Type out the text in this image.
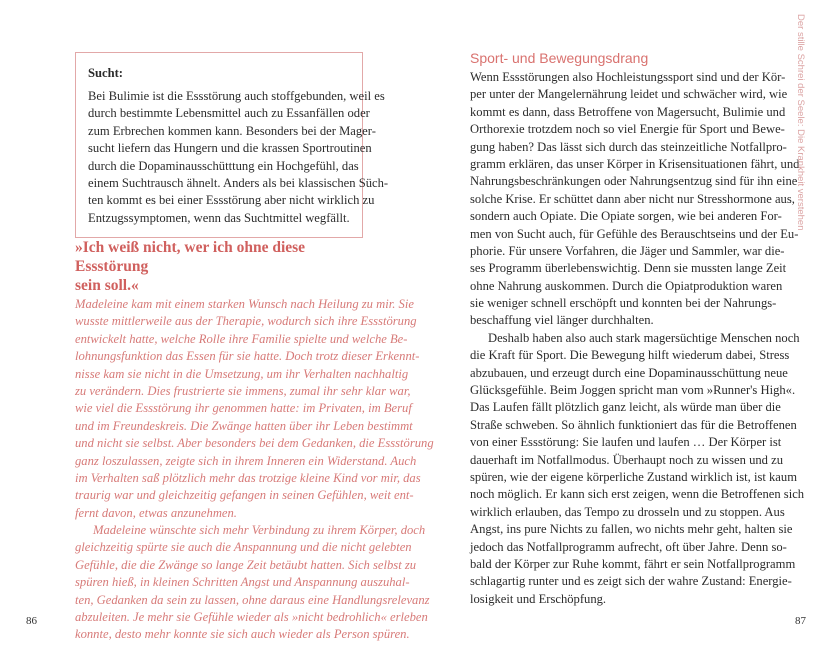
Sucht:
Bei Bulimie ist die Essstörung auch stoffgebunden, weil es
durch bestimmte Lebensmittel auch zu Essanfällen oder
zum Erbrechen kommen kann. Besonders bei der Mager-
sucht liefern das Hungern und die krassen Sportroutinen
durch die Dopaminausschütttung ein Hochgefühl, das
einem Suchtrausch ähnelt. Anders als bei klassischen Süch-
ten kommt es bei einer Essstörung aber nicht wirklich zu
Entzugssymptomen, wenn das Suchtmittel wegfällt.
»Ich weiß nicht, wer ich ohne diese Essstörung
sein soll.«
Madeleine kam mit einem starken Wunsch nach Heilung zu mir. Sie
wusste mittlerweile aus der Therapie, wodurch sich ihre Essstörung
entwickelt hatte, welche Rolle ihre Familie spielte und welche Be-
lohnungsfunktion das Essen für sie hatte. Doch trotz dieser Erkennt-
nisse kam sie nicht in die Umsetzung, um ihr Verhalten nachhaltig
zu verändern. Dies frustrierte sie immens, zumal ihr sehr klar war,
wie viel die Essstörung ihr genommen hatte: im Privaten, im Beruf
und im Freundeskreis. Die Zwänge hatten über ihr Leben bestimmt
und nicht sie selbst. Aber besonders bei dem Gedanken, die Essstörung
ganz loszulassen, zeigte sich in ihrem Inneren ein Widerstand. Auch
im Verhalten saß plötzlich mehr das trotzige kleine Kind vor mir, das
traurig war und gleichzeitig gefangen in seinen Gefühlen, weit ent-
fernt davon, etwas anzunehmen.
Madeleine wünschte sich mehr Verbindung zu ihrem Körper, doch
gleichzeitig spürte sie auch die Anspannung und die nicht gelebten
Gefühle, die die Zwänge so lange Zeit betäubt hatten. Sich selbst zu
spüren hieß, in kleinen Schritten Angst und Anspannung auszuhal-
ten, Gedanken da sein zu lassen, ohne daraus eine Handlungsrelevanz
abzuleiten. Je mehr sie Gefühle wieder als »nicht bedrohlich« erleben
konnte, desto mehr konnte sie sich auch wieder als Person spüren.
86
Sport- und Bewegungsdrang
Wenn Essstörungen also Hochleistungssport sind und der Kör-
per unter der Mangelernährung leidet und schwächer wird, wie
kommt es dann, dass Betroffene von Magersucht, Bulimie und
Orthorexie trotzdem noch so viel Energie für Sport und Bewe-
gung haben? Das lässt sich durch das steinzeitliche Notfallpro-
gramm erklären, das unser Körper in Krisensituationen fährt, und
Nahrungsbeschränkungen oder Nahrungsentzug sind für ihn eine
solche Krise. Er schüttet dann aber nicht nur Stresshormone aus,
sondern auch Opiate. Die Opiate sorgen, wie bei anderen For-
men von Sucht auch, für Gefühle des Berauschtseins und der Eu-
phorie. Für unsere Vorfahren, die Jäger und Sammler, war die-
ses Programm überlebenswichtig. Denn sie mussten lange Zeit
ohne Nahrung auskommen. Durch die Opiatproduktion waren
sie weniger schnell erschöpft und konnten bei der Nahrungs-
beschaffung viel länger durchhalten.
Deshalb haben also auch stark magersüchtige Menschen noch
die Kraft für Sport. Die Bewegung hilft wiederum dabei, Stress
abzubauen, und erzeugt durch eine Dopaminausschüttung neue
Glücksgefühle. Beim Joggen spricht man vom »Runner's High«.
Das Laufen fällt plötzlich ganz leicht, als würde man über die
Straße schweben. So ähnlich funktioniert das für die Betroffenen
von einer Essstörung: Sie laufen und laufen … Der Körper ist
dauerhaft im Notfallmodus. Überhaupt noch zu wissen und zu
spüren, wie der eigene körperliche Zustand wirklich ist, ist kaum
noch möglich. Er kann sich erst zeigen, wenn die Betroffenen sich
wirklich erlauben, das Tempo zu drosseln und zu stoppen. Aus
Angst, ins pure Nichts zu fallen, wo nichts mehr geht, halten sie
jedoch das Notfallprogramm aufrecht, oft über Jahre. Denn so-
bald der Körper zur Ruhe kommt, fährt er sein Notfallprogramm
schlagartig runter und es zeigt sich der wahre Zustand: Energie-
losigkeit und Erschöpfung.
Der stille Schrei der Seele: Die Krankheit verstehen
87
